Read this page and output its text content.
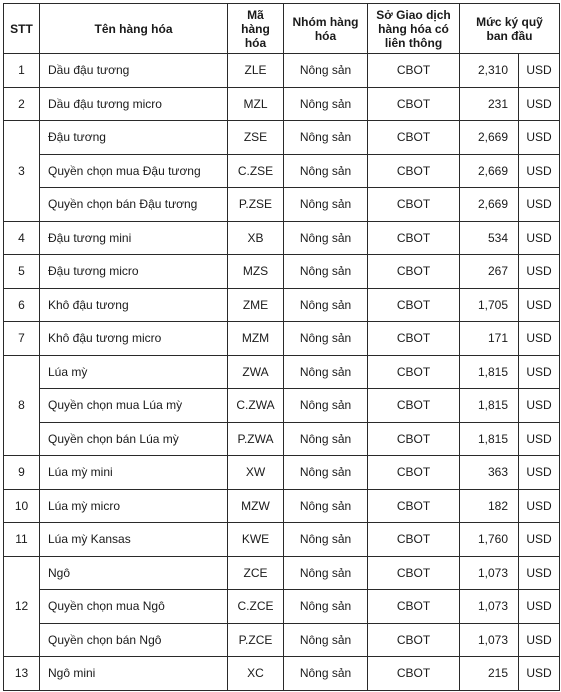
STT	Tên hàng hóa	Mã hàng hóa	Nhóm hàng hóa	Sở Giao dịch hàng hóa có liên thông	Mức ký quỹ ban đầu	
1	Dầu đậu tương	ZLE	Nông sản	CBOT	2,310	USD
2	Dầu đậu tương micro	MZL	Nông sản	CBOT	231	USD
3	Đậu tương	ZSE	Nông sản	CBOT	2,669	USD
	Quyền chọn mua Đậu tương	C.ZSE	Nông sản	CBOT	2,669	USD
	Quyền chọn bán Đậu tương	P.ZSE	Nông sản	CBOT	2,669	USD
4	Đậu tương mini	XB	Nông sản	CBOT	534	USD
5	Đậu tương micro	MZS	Nông sản	CBOT	267	USD
6	Khô đậu tương	ZME	Nông sản	CBOT	1,705	USD
7	Khô đậu tương micro	MZM	Nông sản	CBOT	171	USD
8	Lúa mỳ	ZWA	Nông sản	CBOT	1,815	USD
	Quyền chọn mua Lúa mỳ	C.ZWA	Nông sản	CBOT	1,815	USD
	Quyền chọn bán Lúa mỳ	P.ZWA	Nông sản	CBOT	1,815	USD
9	Lúa mỳ mini	XW	Nông sản	CBOT	363	USD
10	Lúa mỳ micro	MZW	Nông sản	CBOT	182	USD
11	Lúa mỳ Kansas	KWE	Nông sản	CBOT	1,760	USD
12	Ngô	ZCE	Nông sản	CBOT	1,073	USD
	Quyền chọn mua Ngô	C.ZCE	Nông sản	CBOT	1,073	USD
	Quyền chọn bán Ngô	P.ZCE	Nông sản	CBOT	1,073	USD
13	Ngô mini	XC	Nông sản	CBOT	215	USD
